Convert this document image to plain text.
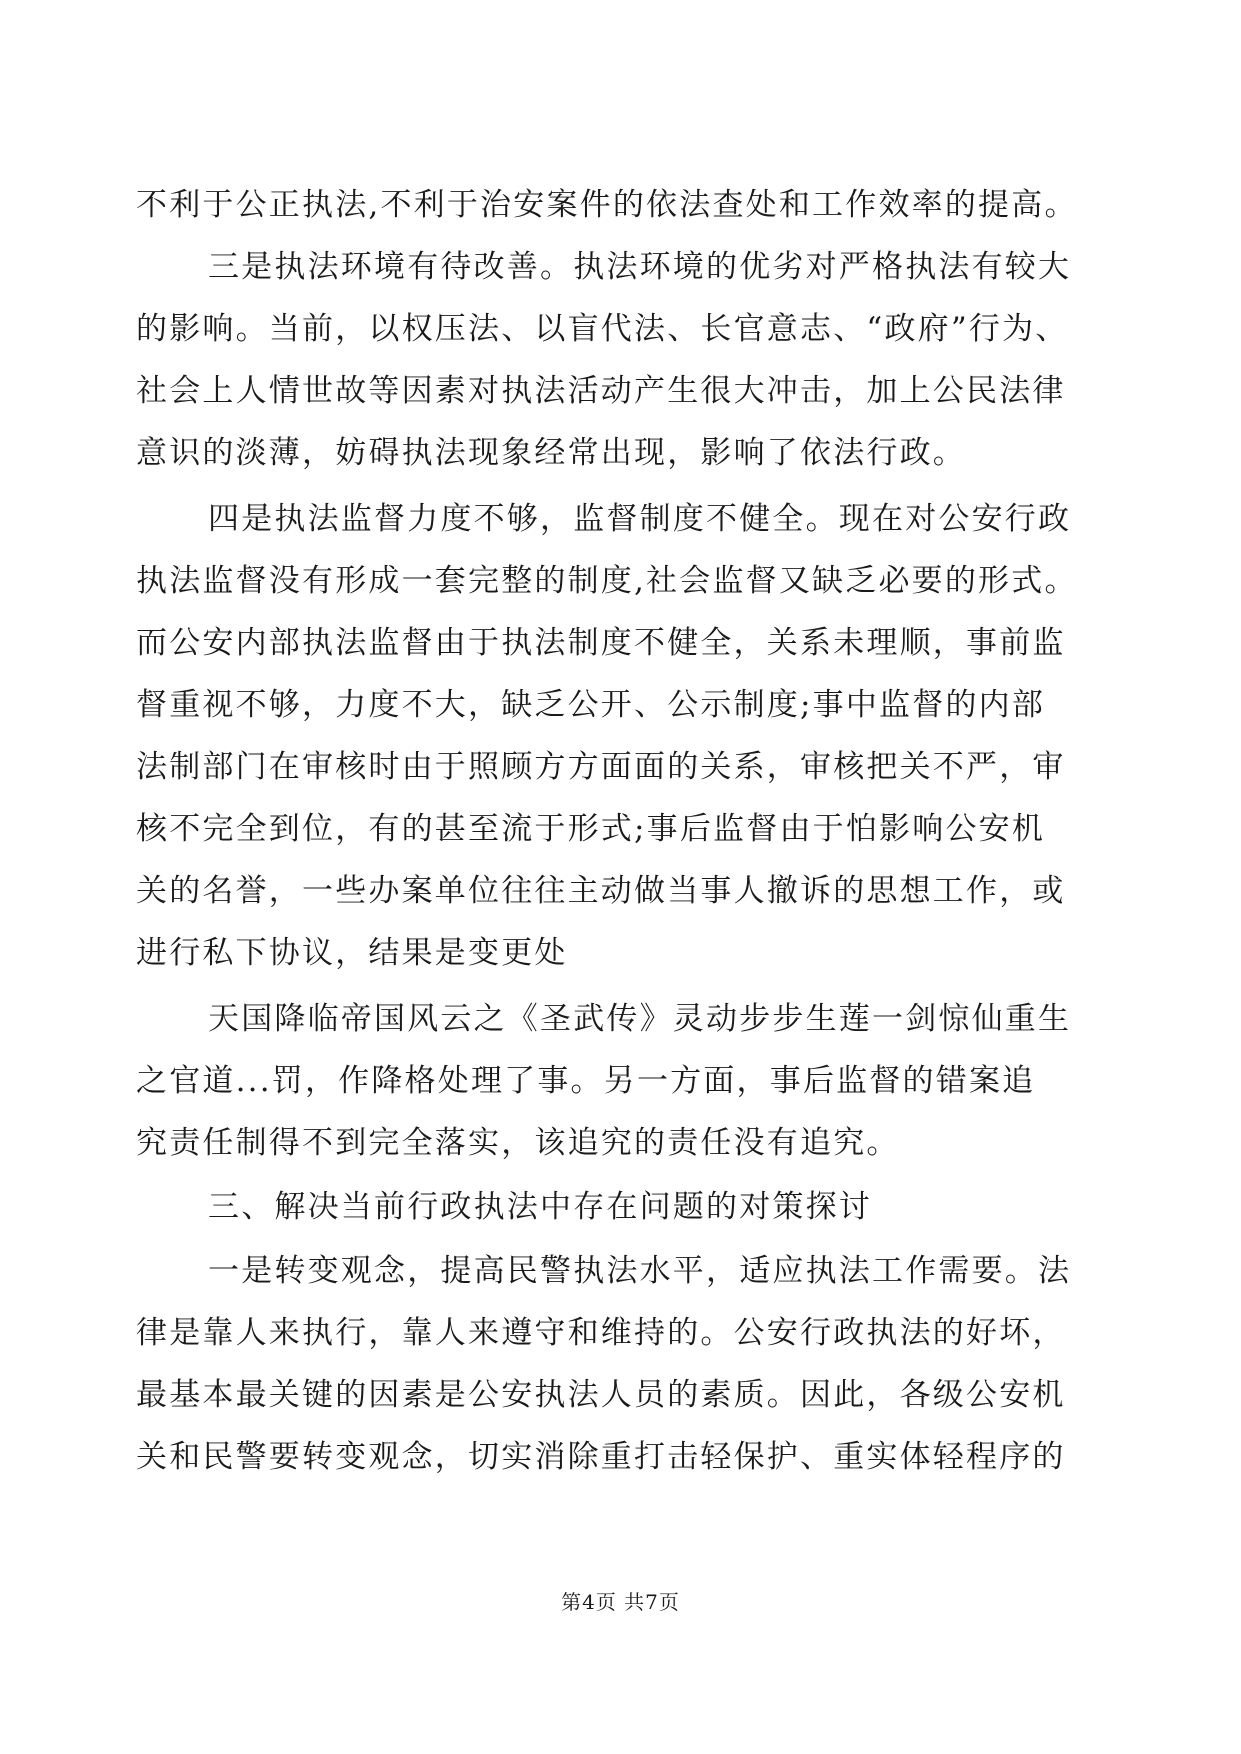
不利于公正执法,不利于治安案件的依法查处和工作效率的提高。
三是执法环境有待改善。执法环境的优劣对严格执法有较大
的影响。当前，以权压法、以盲代法、长官意志、“政府”行为、
社会上人情世故等因素对执法活动产生很大冲击，加上公民法律
意识的淡薄，妨碍执法现象经常出现，影响了依法行政。
四是执法监督力度不够，监督制度不健全。现在对公安行政
执法监督没有形成一套完整的制度,社会监督又缺乏必要的形式。
而公安内部执法监督由于执法制度不健全，关系未理顺，事前监
督重视不够，力度不大，缺乏公开、公示制度;事中监督的内部
法制部门在审核时由于照顾方方面面的关系，审核把关不严，审
核不完全到位，有的甚至流于形式;事后监督由于怕影响公安机
关的名誉，一些办案单位往往主动做当事人撤诉的思想工作，或
进行私下协议，结果是变更处
天国降临帝国风云之《圣武传》灵动步步生莲一剑惊仙重生
之官道...罚，作降格处理了事。另一方面，事后监督的错案追
究责任制得不到完全落实，该追究的责任没有追究。
三、解决当前行政执法中存在问题的对策探讨
一是转变观念，提高民警执法水平，适应执法工作需要。法
律是靠人来执行，靠人来遵守和维持的。公安行政执法的好坏，
最基本最关键的因素是公安执法人员的素质。因此，各级公安机
关和民警要转变观念，切实消除重打击轻保护、重实体轻程序的
第4页 共7页
